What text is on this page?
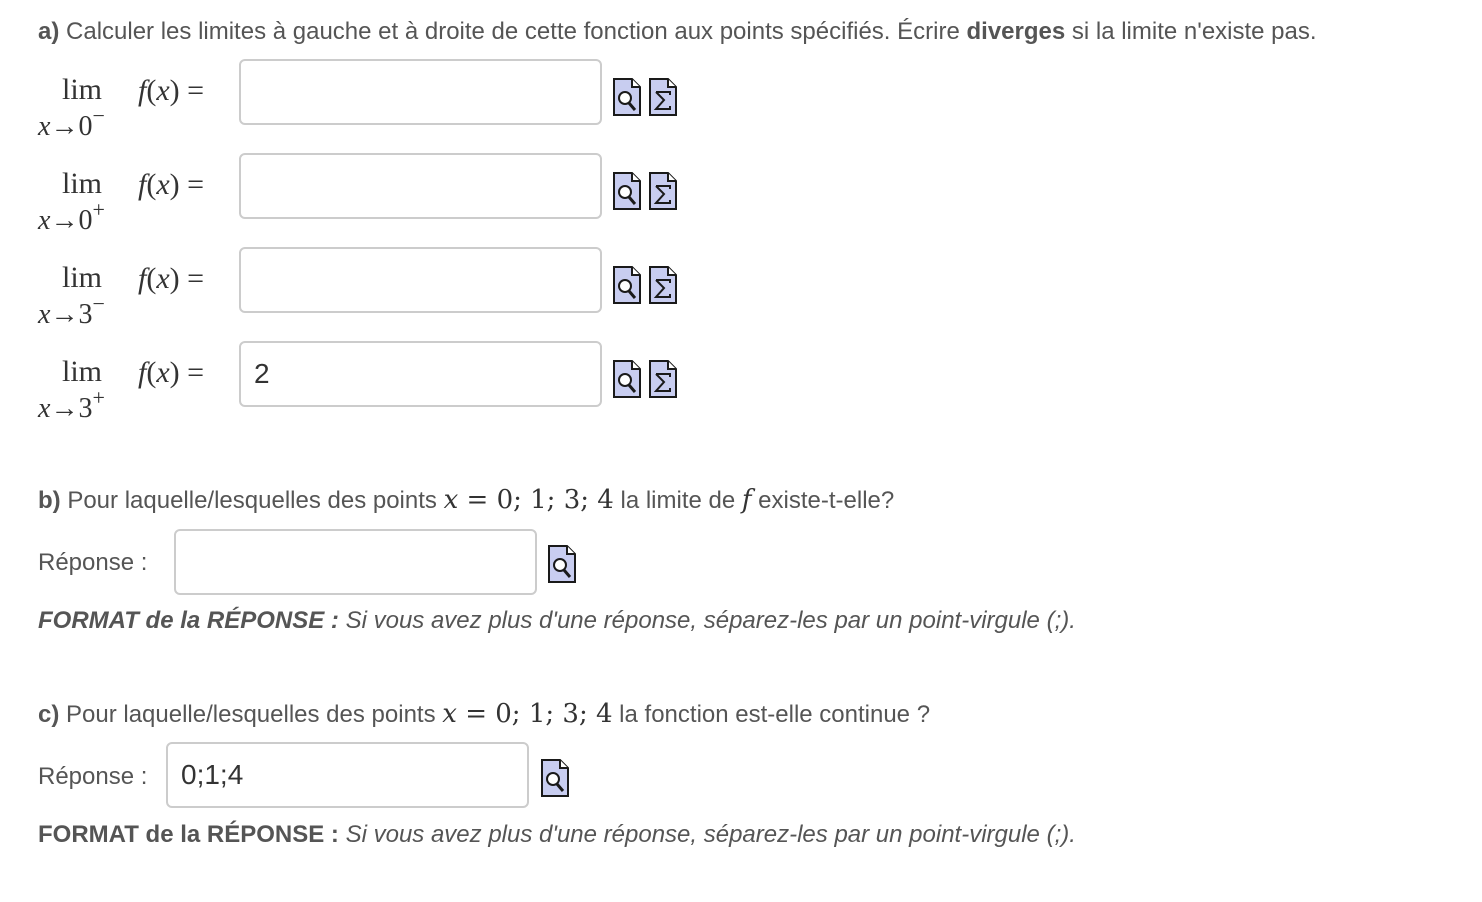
a) Calculer les limites à gauche et à droite de cette fonction aux points spécifiés. Écrire diverges si la limite n'existe pas.
lim
x→0−
f(x) =
lim
x→0+
f(x) =
lim
x→3−
f(x) =
lim
x→3+
f(x) =
2
b) Pour laquelle/lesquelles des points x = 0; 1; 3; 4 la limite de f existe-t-elle?
Réponse :
FORMAT de la RÉPONSE : Si vous avez plus d'une réponse, séparez-les par un point-virgule (;).
c) Pour laquelle/lesquelles des points x = 0; 1; 3; 4 la fonction est-elle continue ?
Réponse :
0;1;4
FORMAT de la RÉPONSE : Si vous avez plus d'une réponse, séparez-les par un point-virgule (;).
